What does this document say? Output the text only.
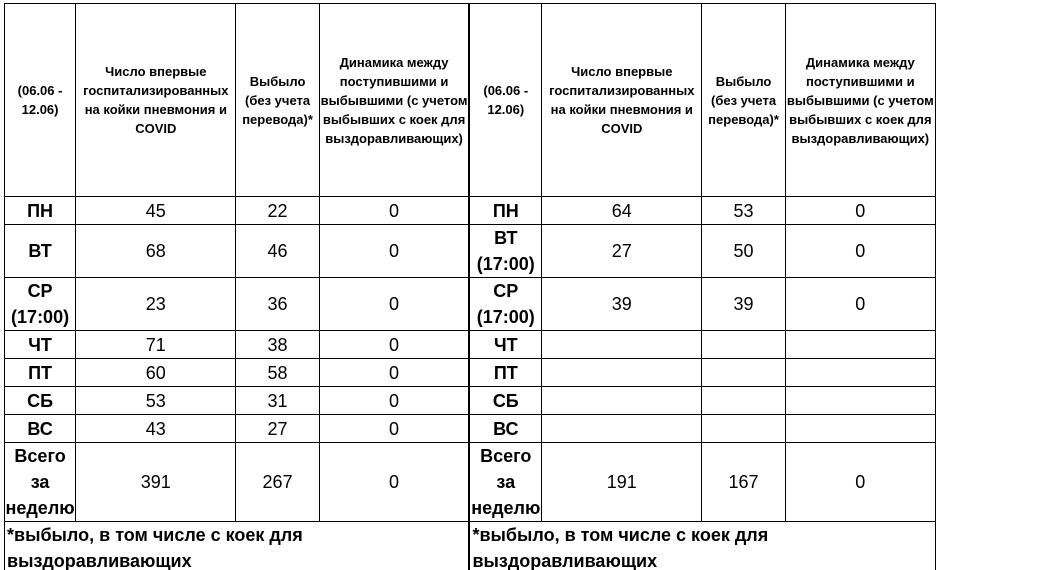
(06.06 - 12.06)	Число впервые госпитализированных на койки пневмония и COVID	Выбыло (без учета перевода)*	Динамика между поступившими и выбывшими (с учетом выбывших с коек для выздоравливающих)	(06.06 - 12.06)	Число впервые госпитализированных на койки пневмония и COVID	Выбыло (без учета перевода)*	Динамика между поступившими и выбывшими (с учетом выбывших с коек для выздоравливающих)
ПН	45	22	0	ПН	64	53	0
ВТ	68	46	0	ВТ (17:00)	27	50	0
СР (17:00)	23	36	0	СР (17:00)	39	39	0
ЧТ	71	38	0	ЧТ			
ПТ	60	58	0	ПТ			
СБ	53	31	0	СБ			
ВС	43	27	0	ВС			
Всего за неделю	391	267	0	Всего за неделю	191	167	0
*выбыло, в том числе с коек для выздоравливающих				*выбыло, в том числе с коек для выздоравливающих			
